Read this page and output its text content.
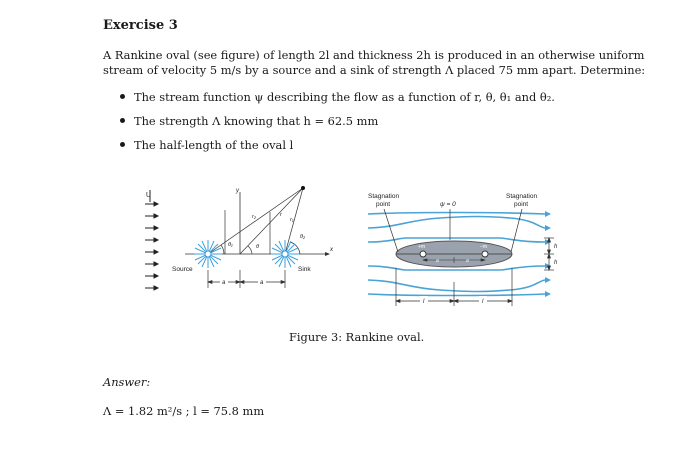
Exercise 3

A Rankine oval (see figure) of length 2l and thickness 2h is produced in an otherwise uniform

stream of velocity 5 m/s by a source and a sink of strength Λ placed 75 mm apart. Determine:

The stream function ψ describing the flow as a function of r, θ, θ₁ and θ₂.
The strength Λ knowing that h = 62.5 mm
The half-length of the oval l
U
x
y
r₂	r
r₁
θ₁	θ
θ₂
Source	Sink
a	a
+m	−m
a	a
Stagnation
point
Stagnation
point
ψ = 0
h
h
l	l
Figure 3: Rankine oval.
Answer:
Λ = 1.82 m²/s ; l = 75.8 mm
